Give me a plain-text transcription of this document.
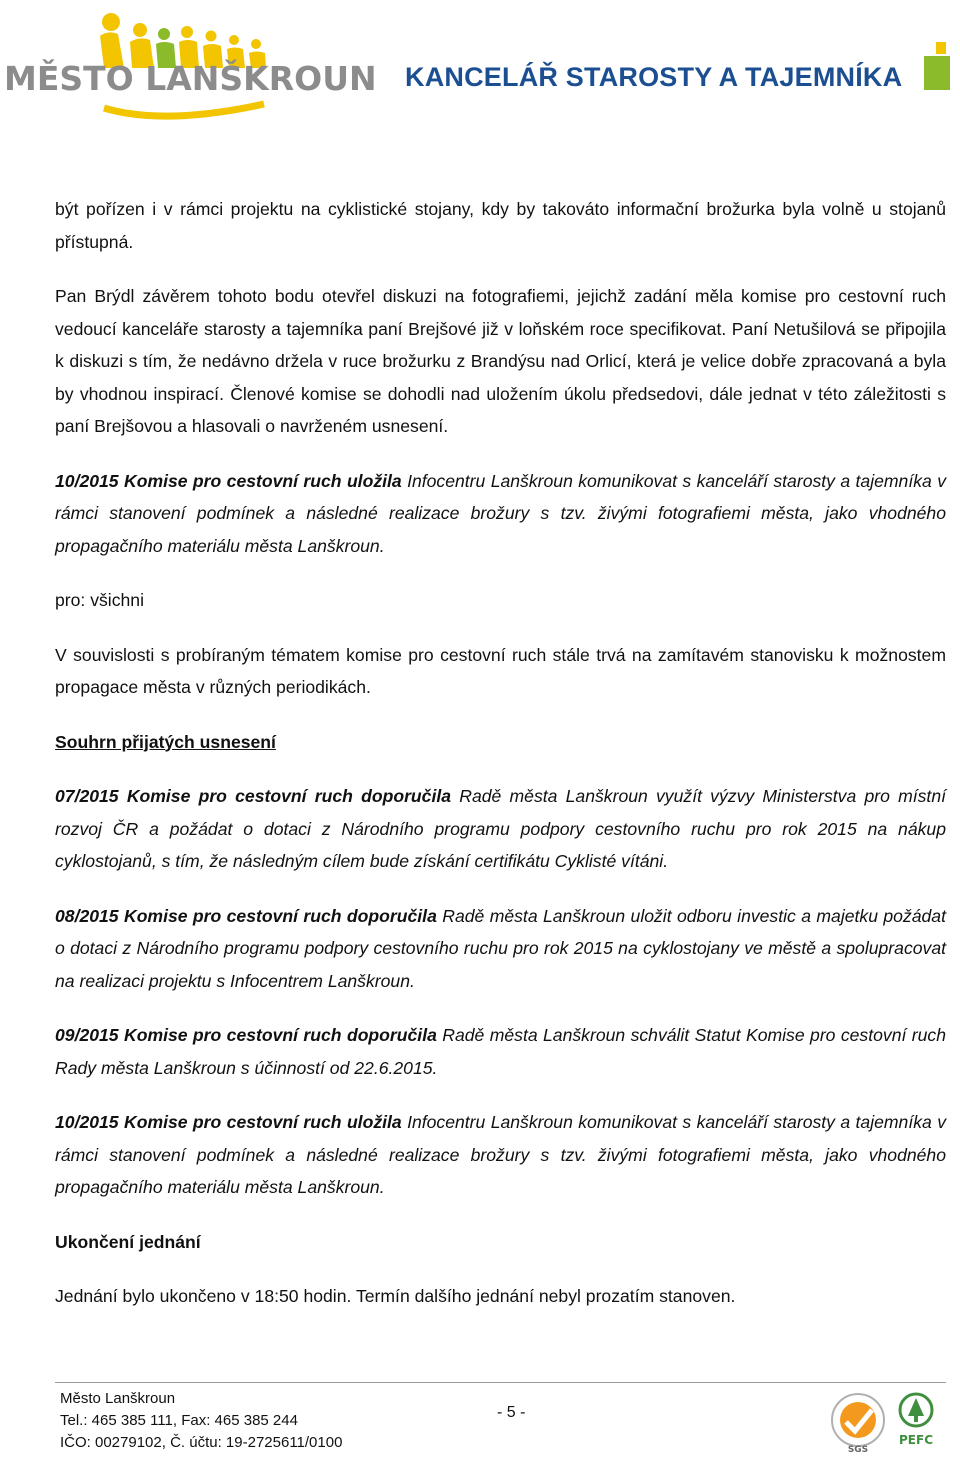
MĚSTO LANŠKROUN KANCELÁŘ STAROSTY A TAJEMNÍKA

být pořízen i v rámci projektu na cyklistické stojany, kdy by takováto informační brožurka byla volně u stojanů přístupná.

Pan Brýdl závěrem tohoto bodu otevřel diskuzi na fotografiemi, jejichž zadání měla komise pro cestovní ruch vedoucí kanceláře starosty a tajemníka paní Brejšové již v loňském roce specifikovat. Paní Netušilová se připojila k diskuzi s tím, že nedávno držela v ruce brožurku z Brandýsu nad Orlicí, která je velice dobře zpracovaná a byla by vhodnou inspirací. Členové komise se dohodli nad uložením úkolu předsedovi, dále jednat v této záležitosti s paní Brejšovou a hlasovali o navrženém usnesení.

10/2015 Komise pro cestovní ruch uložila Infocentru Lanškroun komunikovat s kanceláří starosty a tajemníka v rámci stanovení podmínek a následné realizace brožury s tzv. živými fotografiemi města, jako vhodného propagačního materiálu města Lanškroun.

pro: všichni

V souvislosti s probíraným tématem komise pro cestovní ruch stále trvá na zamítavém stanovisku k možnostem propagace města v různých periodikách.

Souhrn přijatých usnesení

07/2015 Komise pro cestovní ruch doporučila Radě města Lanškroun využít výzvy Ministerstva pro místní rozvoj ČR a požádat o dotaci z Národního programu podpory cestovního ruchu pro rok 2015 na nákup cyklostojanů, s tím, že následným cílem bude získání certifikátu Cyklisté vítáni.

08/2015 Komise pro cestovní ruch doporučila Radě města Lanškroun uložit odboru investic a majetku požádat o dotaci z Národního programu podpory cestovního ruchu pro rok 2015 na cyklostojany ve městě a spolupracovat na realizaci projektu s Infocentrem Lanškroun.

09/2015 Komise pro cestovní ruch doporučila Radě města Lanškroun schválit Statut Komise pro cestovní ruch Rady města Lanškroun s účinností od 22.6.2015.

10/2015 Komise pro cestovní ruch uložila Infocentru Lanškroun komunikovat s kanceláří starosty a tajemníka v rámci stanovení podmínek a následné realizace brožury s tzv. živými fotografiemi města, jako vhodného propagačního materiálu města Lanškroun.

Ukončení jednání

Jednání bylo ukončeno v 18:50 hodin. Termín dalšího jednání nebyl prozatím stanoven.

Město Lanškroun
Tel.: 465 385 111, Fax: 465 385 244
IČO: 00279102, Č. účtu: 19-2725611/0100
- 5 -
SGS
PEFC
